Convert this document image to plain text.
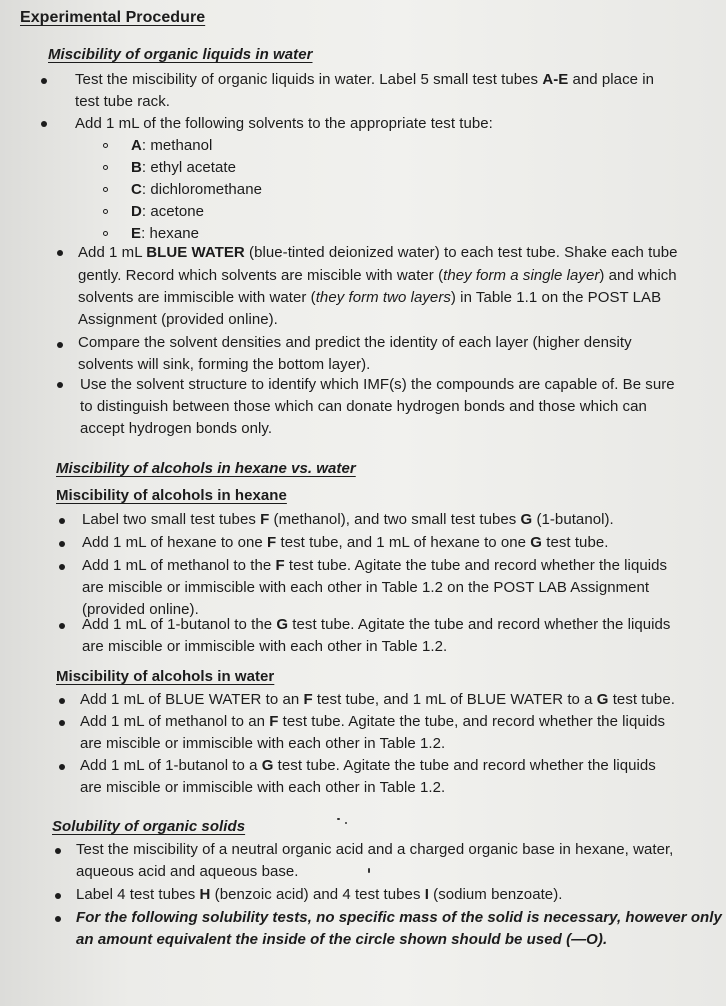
Experimental Procedure
Miscibility of organic liquids in water
Test the miscibility of organic liquids in water. Label 5 small test tubes A-E and place in
test tube rack.
Add 1 mL of the following solvents to the appropriate test tube:
A: methanol
B: ethyl acetate
C: dichloromethane
D: acetone
E: hexane
Add 1 mL BLUE WATER (blue-tinted deionized water) to each test tube. Shake each tube
gently. Record which solvents are miscible with water (they form a single layer) and which
solvents are immiscible with water (they form two layers) in Table 1.1 on the POST LAB
Assignment (provided online).
Compare the solvent densities and predict the identity of each layer (higher density
solvents will sink, forming the bottom layer).
Use the solvent structure to identify which IMF(s) the compounds are capable of. Be sure
to distinguish between those which can donate hydrogen bonds and those which can
accept hydrogen bonds only.
Miscibility of alcohols in hexane vs. water
Miscibility of alcohols in hexane
Label two small test tubes F (methanol), and two small test tubes G (1-butanol).
Add 1 mL of hexane to one F test tube, and 1 mL of hexane to one G test tube.
Add 1 mL of methanol to the F test tube. Agitate the tube and record whether the liquids
are miscible or immiscible with each other in Table 1.2 on the POST LAB Assignment
(provided online).
Add 1 mL of 1-butanol to the G test tube. Agitate the tube and record whether the liquids
are miscible or immiscible with each other in Table 1.2.
Miscibility of alcohols in water
Add 1 mL of BLUE WATER to an F test tube, and 1 mL of BLUE WATER to a G test tube.
Add 1 mL of methanol to an F test tube. Agitate the tube, and record whether the liquids
are miscible or immiscible with each other in Table 1.2.
Add 1 mL of 1-butanol to a G test tube. Agitate the tube and record whether the liquids
are miscible or immiscible with each other in Table 1.2.
Solubility of organic solids
Test the miscibility of a neutral organic acid and a charged organic base in hexane, water,
aqueous acid and aqueous base.
Label 4 test tubes H (benzoic acid) and 4 test tubes I (sodium benzoate).
For the following solubility tests, no specific mass of the solid is necessary, however only
an amount equivalent the inside of the circle shown should be used (—O).
